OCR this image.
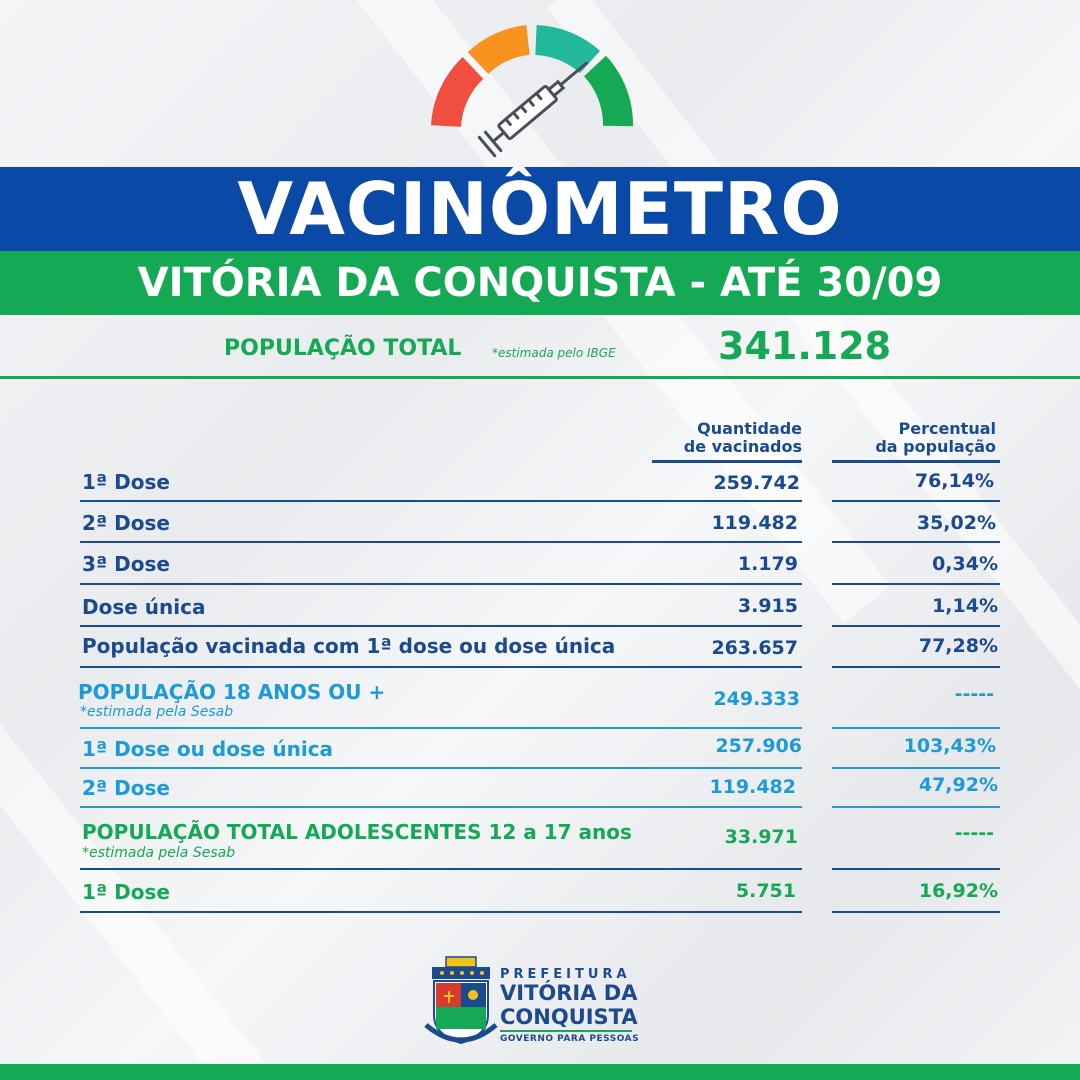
VACINÔMETRO
VITÓRIA DA CONQUISTA - ATÉ 30/09
POPULAÇÃO TOTAL	*estimada pelo IBGE	341.128
Quantidade
de vacinados
Percentual
da população
1ª Dose	259.742	76,14%
2ª Dose	119.482	35,02%
3ª Dose	1.179	0,34%
Dose única	3.915	1,14%
População vacinada com 1ª dose ou dose única	263.657	77,28%
POPULAÇÃO 18 ANOS OU +
*estimada pela Sesab
249.333	-----
1ª Dose ou dose única	257.906	103,43%
2ª Dose	119.482	47,92%
POPULAÇÃO TOTAL ADOLESCENTES 12 a 17 anos
*estimada pela Sesab
33.971	-----
1ª Dose	5.751	16,92%
PREFEITURA
VITÓRIA DA
CONQUISTA
GOVERNO PARA PESSOAS
